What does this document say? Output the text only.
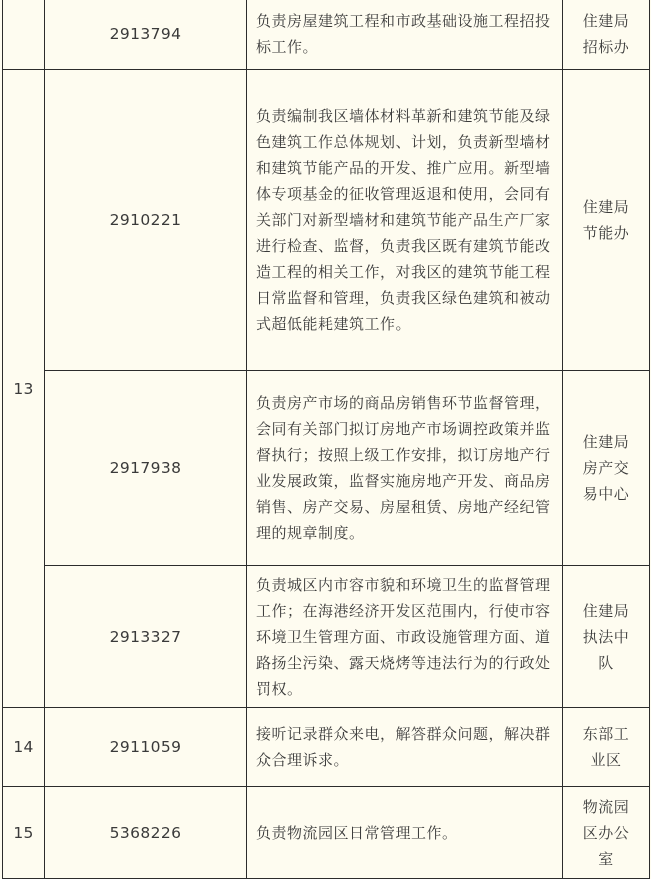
	2913794	负责房屋建筑工程和市政基础设施工程招投标工作。	住建局
招标办

13	2910221	负责编制我区墙体材料革新和建筑节能及绿色建筑工作总体规划、计划，负责新型墙材和建筑节能产品的开发、推广应用。新型墙体专项基金的征收管理返退和使用，会同有关部门对新型墙材和建筑节能产品生产厂家进行检查、监督，负责我区既有建筑节能改造工程的相关工作，对我区的建筑节能工程日常监督和管理，负责我区绿色建筑和被动式超低能耗建筑工作。	住建局
节能办

	2917938	负责房产市场的商品房销售环节监督管理，会同有关部门拟订房地产市场调控政策并监督执行；按照上级工作安排，拟订房地产行业发展政策，监督实施房地产开发、商品房销售、房产交易、房屋租赁、房地产经纪管理的规章制度。	住建局
房产交
易中心

	2913327	负责城区内市容市貌和环境卫生的监督管理工作；在海港经济开发区范围内，行使市容环境卫生管理方面、市政设施管理方面、道路扬尘污染、露天烧烤等违法行为的行政处罚权。	住建局
执法中
队

14	2911059	接听记录群众来电，解答群众问题，解决群众合理诉求。	东部工
业区

15	5368226	负责物流园区日常管理工作。	物流园
区办公
室
